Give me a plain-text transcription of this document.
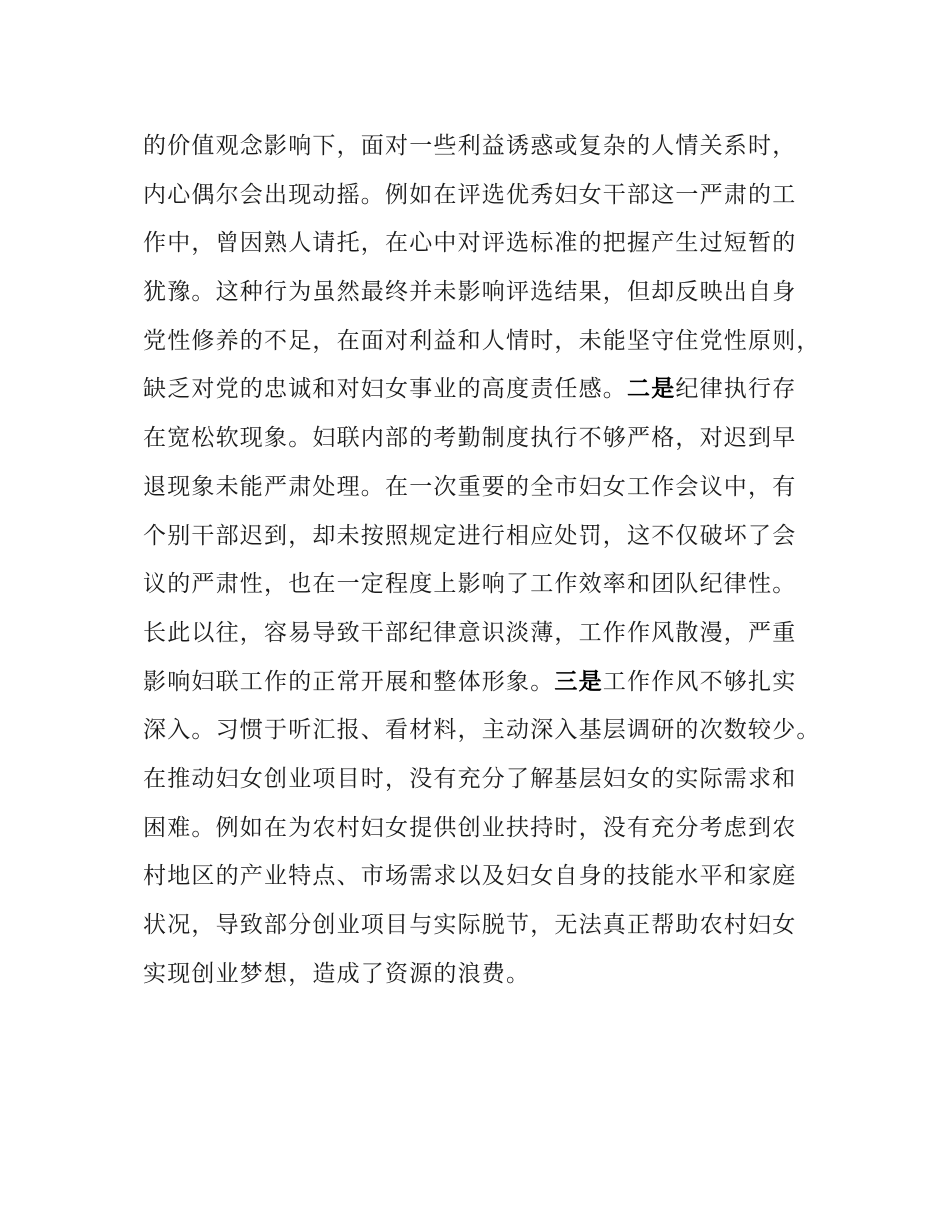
的价值观念影响下，面对一些利益诱惑或复杂的人情关系时，
内心偶尔会出现动摇。例如在评选优秀妇女干部这一严肃的工
作中，曾因熟人请托，在心中对评选标准的把握产生过短暂的
犹豫。这种行为虽然最终并未影响评选结果，但却反映出自身
党性修养的不足，在面对利益和人情时，未能坚守住党性原则，
缺乏对党的忠诚和对妇女事业的高度责任感。二是纪律执行存
在宽松软现象。妇联内部的考勤制度执行不够严格，对迟到早
退现象未能严肃处理。在一次重要的全市妇女工作会议中，有
个别干部迟到，却未按照规定进行相应处罚，这不仅破坏了会
议的严肃性，也在一定程度上影响了工作效率和团队纪律性。
长此以往，容易导致干部纪律意识淡薄，工作作风散漫，严重
影响妇联工作的正常开展和整体形象。三是工作作风不够扎实
深入。习惯于听汇报、看材料，主动深入基层调研的次数较少。
在推动妇女创业项目时，没有充分了解基层妇女的实际需求和
困难。例如在为农村妇女提供创业扶持时，没有充分考虑到农
村地区的产业特点、市场需求以及妇女自身的技能水平和家庭
状况，导致部分创业项目与实际脱节，无法真正帮助农村妇女
实现创业梦想，造成了资源的浪费。
